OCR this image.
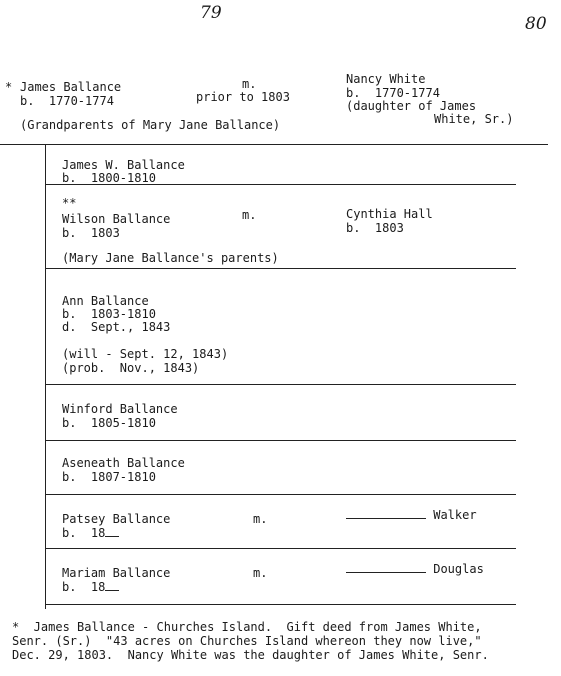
79
80
* James Ballance
b.  1770-1774
m.
prior to 1803
Nancy White
b.  1770-1774
(daughter of James
White, Sr.)
(Grandparents of Mary Jane Ballance)
James W. Ballance
b.  1800-1810
**
Wilson Ballance
b.  1803
m.	Cynthia Hall
b.  1803
(Mary Jane Ballance's parents)
Ann Ballance
b.  1803-1810
d.  Sept., 1843
(will - Sept. 12, 1843)
(prob.  Nov., 1843)
Winford Ballance
b.  1805-1810
Aseneath Ballance
b.  1807-1810
Patsey Ballance
b.  18
m.	Walker
Mariam Ballance
b.  18
m.	Douglas
*  James Ballance - Churches Island.  Gift deed from James White,
Senr. (Sr.)  "43 acres on Churches Island whereon they now live,"
Dec. 29, 1803.  Nancy White was the daughter of James White, Senr.
